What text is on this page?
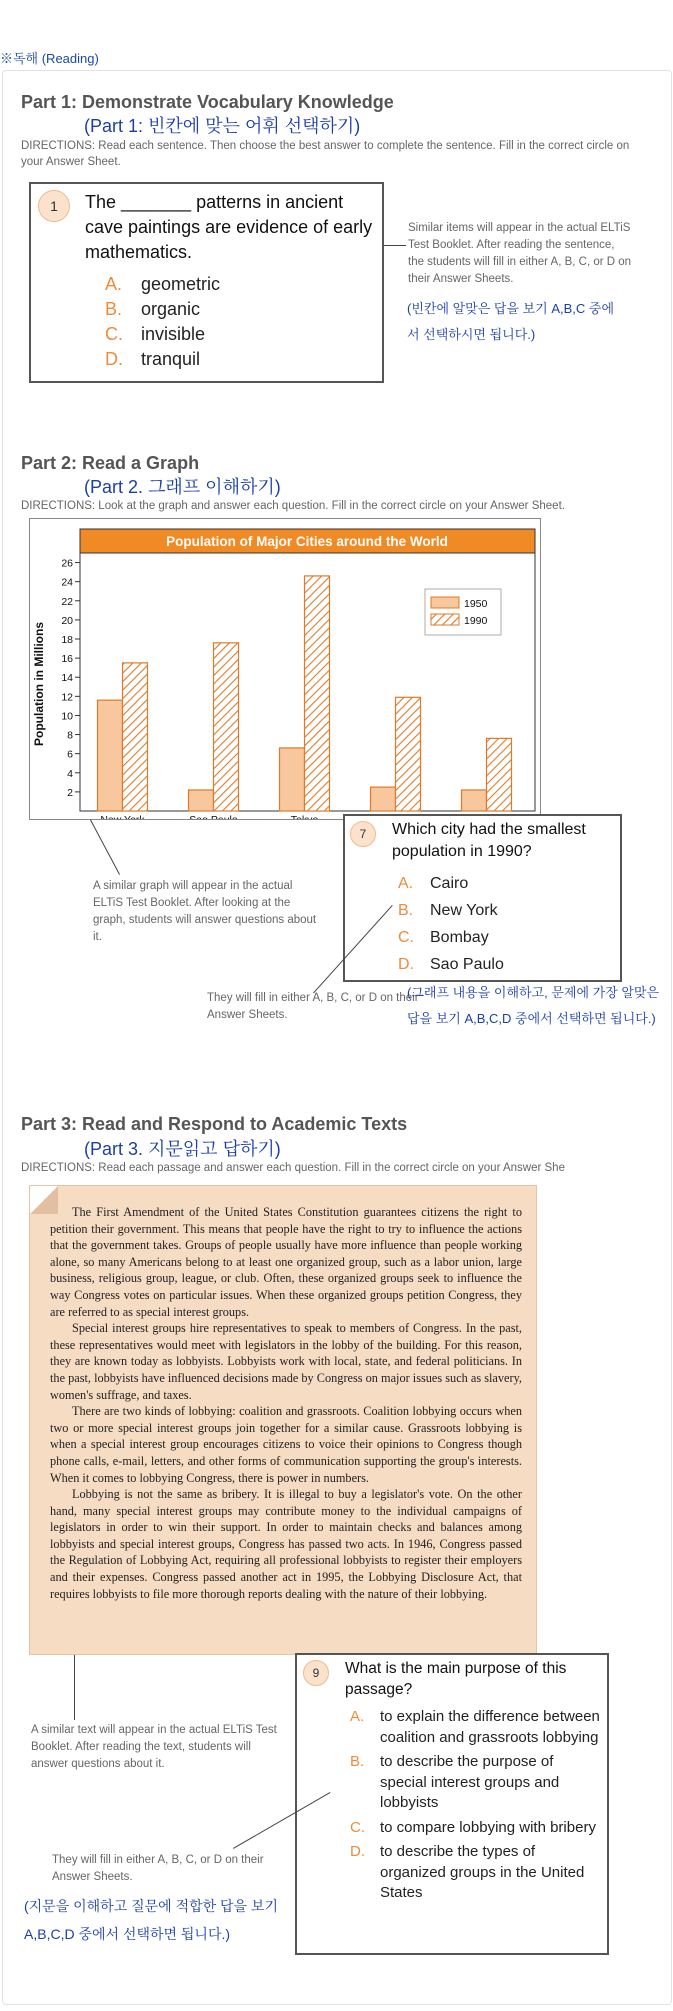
※독해 (Reading)
Part 1: Demonstrate Vocabulary Knowledge
(Part 1: 빈칸에 맞는 어휘 선택하기)
DIRECTIONS: Read each sentence. Then choose the best answer to complete the sentence. Fill in the correct circle on your Answer Sheet.
1	The _______ patterns in ancient cave paintings are evidence of early mathematics.
A.	geometric
B.	organic
C.	invisible
D.	tranquil
Similar items will appear in the actual ELTiS Test Booklet. After reading the sentence, the students will fill in either A, B, C, or D on their Answer Sheets.
(빈칸에 알맞은 답을 보기 A,B,C 중에서 선택하시면 됩니다.)
Part 2: Read a Graph
(Part 2. 그래프 이해하기)
DIRECTIONS: Look at the graph and answer each question. Fill in the correct circle on your Answer Sheet.
Population of Major Cities around the World
Population in Millions
2
4
6
8
10
12
14
16
18
20
22
24
26
1950
1990
A similar graph will appear in the actual ELTiS Test Booklet. After looking at the graph, students will answer questions about it.
7	Which city had the smallest population in 1990?
A.	Cairo
B.	New York
C.	Bombay
D.	Sao Paulo
They will fill in either A, B, C, or D on their Answer Sheets.
(그래프 내용을 이해하고, 문제에 가장 알맞은 답을 보기 A,B,C,D 중에서 선택하면 됩니다.)
Part 3: Read and Respond to Academic Texts
(Part 3. 지문읽고 답하기)
DIRECTIONS: Read each passage and answer each question. Fill in the correct circle on your Answer She

The First Amendment of the United States Constitution guarantees citizens the right to petition their government. This means that people have the right to try to influence the actions that the government takes. Groups of people usually have more influence than people working alone, so many Americans belong to at least one organized group, such as a labor union, large business, religious group, league, or club. Often, these organized groups seek to influence the way Congress votes on particular issues. When these organized groups petition Congress, they are referred to as special interest groups.

Special interest groups hire representatives to speak to members of Congress. In the past, these representatives would meet with legislators in the lobby of the building. For this reason, they are known today as lobbyists. Lobbyists work with local, state, and federal politicians. In the past, lobbyists have influenced decisions made by Congress on major issues such as slavery, women's suffrage, and taxes.

There are two kinds of lobbying: coalition and grassroots. Coalition lobbying occurs when two or more special interest groups join together for a similar cause. Grassroots lobbying is when a special interest group encourages citizens to voice their opinions to Congress though phone calls, e-mail, letters, and other forms of communication supporting the group's interests. When it comes to lobbying Congress, there is power in numbers.

Lobbying is not the same as bribery. It is illegal to buy a legislator's vote. On the other hand, many special interest groups may contribute money to the individual campaigns of legislators in order to win their support. In order to maintain checks and balances among lobbyists and special interest groups, Congress has passed two acts. In 1946, Congress passed the Regulation of Lobbying Act, requiring all professional lobbyists to register their employers and their expenses. Congress passed another act in 1995, the Lobbying Disclosure Act, that requires lobbyists to file more thorough reports dealing with the nature of their lobbying.

A similar text will appear in the actual ELTiS Test Booklet. After reading the text, students will answer questions about it.
9	What is the main purpose of this passage?
A.	to explain the difference between coalition and grassroots lobbying
B.	to describe the purpose of special interest groups and lobbyists
C.	to compare lobbying with bribery
D.	to describe the types of organized groups in the United States
They will fill in either A, B, C, or D on their Answer Sheets.
(지문을 이해하고 질문에 적합한 답을 보기 A,B,C,D 중에서 선택하면 됩니다.)
